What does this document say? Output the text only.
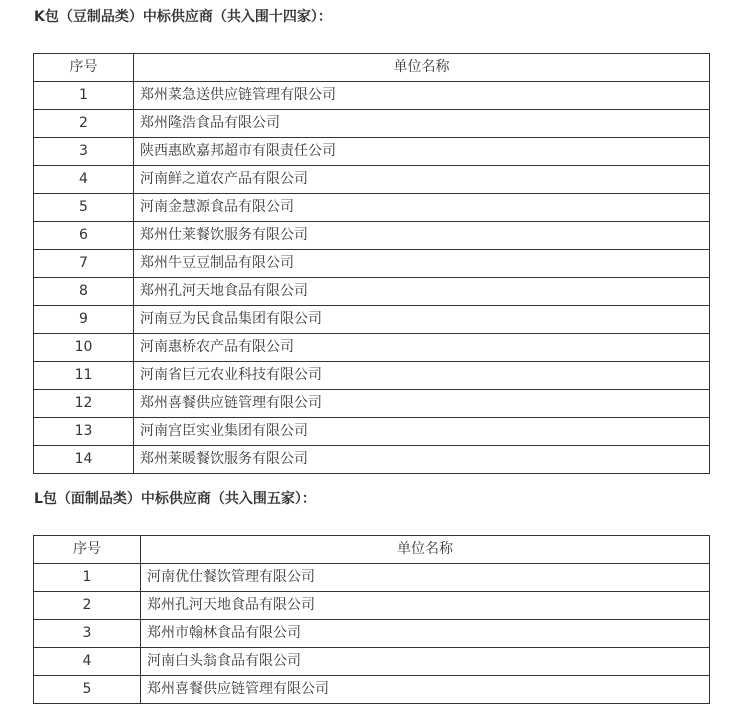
K包（豆制品类）中标供应商（共入围十四家）：

序号	单位名称
1	郑州菜急送供应链管理有限公司
2	郑州隆浩食品有限公司
3	陕西惠欧嘉邦超市有限责任公司
4	河南鲜之道农产品有限公司
5	河南金慧源食品有限公司
6	郑州仕莱餐饮服务有限公司
7	郑州牛豆豆制品有限公司
8	郑州孔河天地食品有限公司
9	河南豆为民食品集团有限公司
10	河南惠桥农产品有限公司
11	河南省巨元农业科技有限公司
12	郑州喜餐供应链管理有限公司
13	河南宫臣实业集团有限公司
14	郑州莱暖餐饮服务有限公司

L包（面制品类）中标供应商（共入围五家）：

序号	单位名称
1	河南优仕餐饮管理有限公司
2	郑州孔河天地食品有限公司
3	郑州市翰林食品有限公司
4	河南白头翁食品有限公司
5	郑州喜餐供应链管理有限公司
